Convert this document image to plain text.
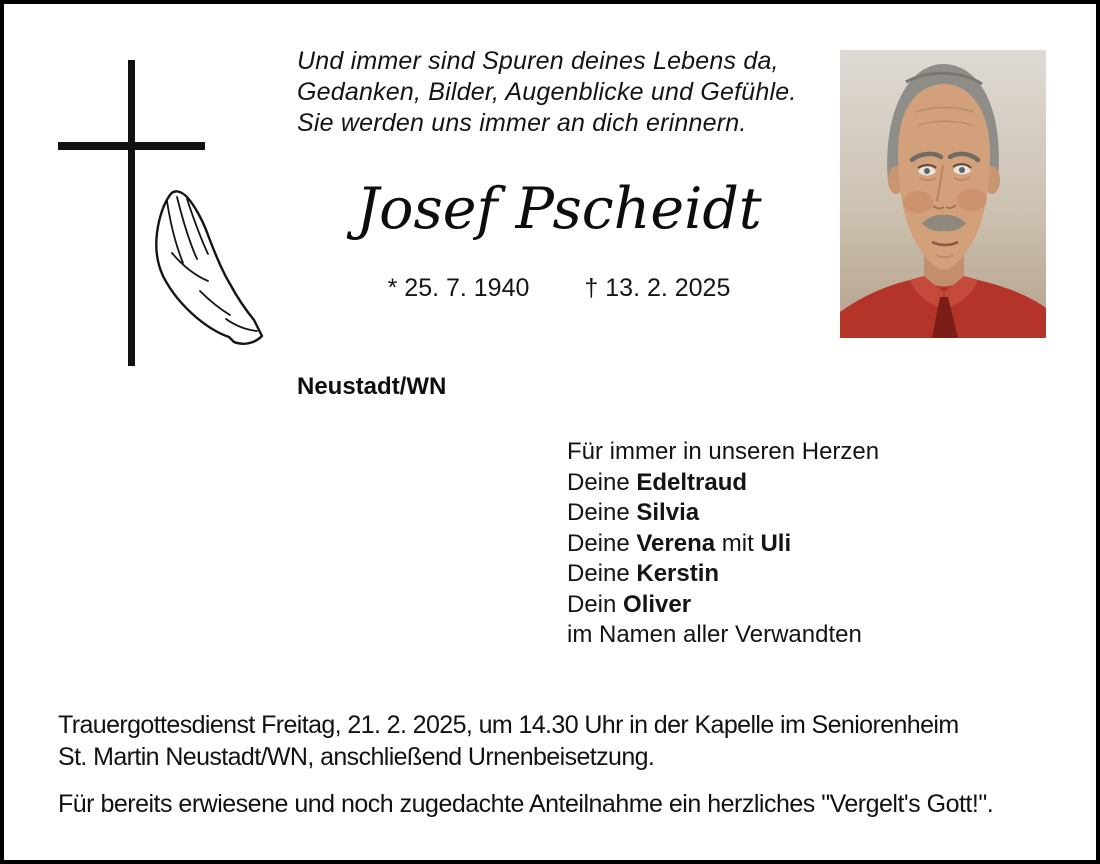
Und immer sind Spuren deines Lebens da,
Gedanken, Bilder, Augenblicke und Gefühle.
Sie werden uns immer an dich erinnern.
Josef Pscheidt
* 25. 7. 1940 † 13. 2. 2025
Neustadt/WN
Für immer in unseren Herzen
Deine Edeltraud
Deine Silvia
Deine Verena mit Uli
Deine Kerstin
Dein Oliver
im Namen aller Verwandten
Trauergottesdienst Freitag, 21. 2. 2025, um 14.30 Uhr in der Kapelle im Seniorenheim
St. Martin Neustadt/WN, anschließend Urnenbeisetzung.
Für bereits erwiesene und noch zugedachte Anteilnahme ein herzliches "Vergelt's Gott!".
